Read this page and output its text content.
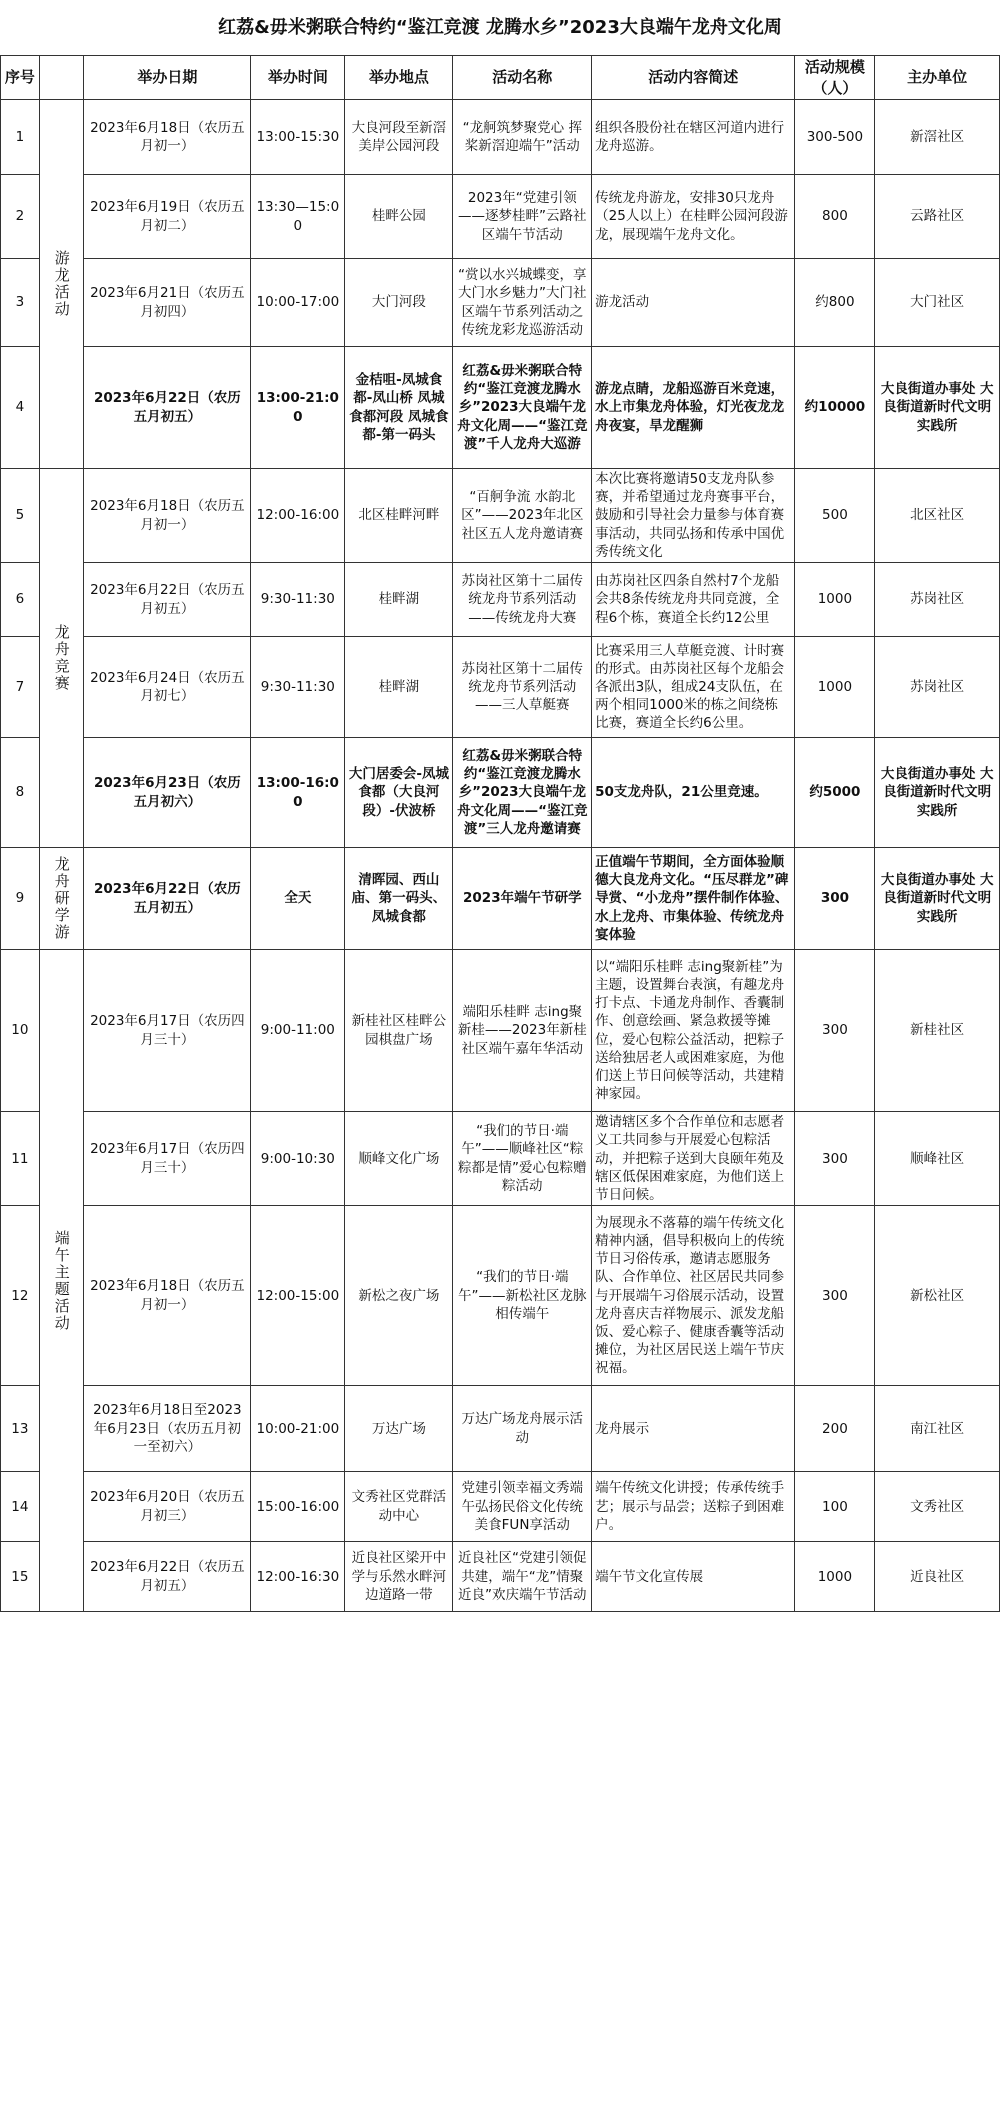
红荔&毋米粥联合特约“鉴江竞渡 龙腾水乡”2023大良端午龙舟文化周
序号		举办日期	举办时间	举办地点	活动名称	活动内容简述	活动规模（人）	主办单位
1	游龙活动	2023年6月18日（农历五月初一）	13:00-15:30	大良河段至新滘美岸公园河段	“龙舸筑梦聚党心 挥桨新滘迎端午”活动	组织各股份社在辖区河道内进行龙舟巡游。	300-500	新滘社区
2		2023年6月19日（农历五月初二）	13:30—15:00	桂畔公园	2023年“党建引领——逐梦桂畔”云路社区端午节活动	传统龙舟游龙，安排30只龙舟（25人以上）在桂畔公园河段游龙，展现端午龙舟文化。	800	云路社区
3		2023年6月21日（农历五月初四）	10:00-17:00	大门河段	“赏以水兴城蝶变，享大门水乡魅力”大门社区端午节系列活动之传统龙彩龙巡游活动	游龙活动	约800	大门社区
4		2023年6月22日（农历五月初五）	13:00-21:00	金桔咀-凤城食都-凤山桥 凤城食都河段 凤城食都-第一码头	红荔&毋米粥联合特约“鉴江竞渡龙腾水乡”2023大良端午龙舟文化周——“鉴江竞渡”千人龙舟大巡游	游龙点睛，龙船巡游百米竞速，水上市集龙舟体验，灯光夜龙龙舟夜宴，旱龙醒狮	约10000	大良街道办事处 大良街道新时代文明实践所
5	龙舟竞赛	2023年6月18日（农历五月初一）	12:00-16:00	北区桂畔河畔	“百舸争流 水韵北区”——2023年北区社区五人龙舟邀请赛	本次比赛将邀请50支龙舟队参赛，并希望通过龙舟赛事平台，鼓励和引导社会力量参与体育赛事活动，共同弘扬和传承中国优秀传统文化	500	北区社区
6		2023年6月22日（农历五月初五）	9:30-11:30	桂畔湖	苏岗社区第十二届传统龙舟节系列活动——传统龙舟大赛	由苏岗社区四条自然村7个龙船会共8条传统龙舟共同竞渡，全程6个栋，赛道全长约12公里	1000	苏岗社区
7		2023年6月24日（农历五月初七）	9:30-11:30	桂畔湖	苏岗社区第十二届传统龙舟节系列活动——三人草艇赛	比赛采用三人草艇竞渡、计时赛的形式。由苏岗社区每个龙船会各派出3队，组成24支队伍，在两个相同1000米的栋之间绕栋比赛，赛道全长约6公里。	1000	苏岗社区
8		2023年6月23日（农历五月初六）	13:00-16:00	大门居委会-凤城食都（大良河段）-伏波桥	红荔&毋米粥联合特约“鉴江竞渡龙腾水乡”2023大良端午龙舟文化周——“鉴江竞渡”三人龙舟邀请赛	50支龙舟队，21公里竞速。	约5000	大良街道办事处 大良街道新时代文明实践所
9	龙舟研学游	2023年6月22日（农历五月初五）	全天	清晖园、西山庙、第一码头、凤城食都	2023年端午节研学	正值端午节期间，全方面体验顺德大良龙舟文化。“压尽群龙”碑导赏、“小龙舟”摆件制作体验、水上龙舟、市集体验、传统龙舟宴体验	300	大良街道办事处 大良街道新时代文明实践所
10	端午主题活动	2023年6月17日（农历四月三十）	9:00-11:00	新桂社区桂畔公园棋盘广场	端阳乐桂畔 志ing聚新桂——2023年新桂社区端午嘉年华活动	以“端阳乐桂畔 志ing聚新桂”为主题，设置舞台表演，有趣龙舟打卡点、卡通龙舟制作、香囊制作、创意绘画、紧急救援等摊位，爱心包粽公益活动，把粽子送给独居老人或困难家庭，为他们送上节日问候等活动，共建精神家园。	300	新桂社区
11		2023年6月17日（农历四月三十）	9:00-10:30	顺峰文化广场	“我们的节日·端午”——顺峰社区“粽粽都是情”爱心包粽赠粽活动	邀请辖区多个合作单位和志愿者义工共同参与开展爱心包粽活动，并把粽子送到大良颐年苑及辖区低保困难家庭，为他们送上节日问候。	300	顺峰社区
12		2023年6月18日（农历五月初一）	12:00-15:00	新松之夜广场	“我们的节日·端午”——新松社区龙脉相传端午	为展现永不落幕的端午传统文化精神内涵，倡导积极向上的传统节日习俗传承，邀请志愿服务队、合作单位、社区居民共同参与开展端午习俗展示活动，设置龙舟喜庆吉祥物展示、派发龙船饭、爱心粽子、健康香囊等活动摊位，为社区居民送上端午节庆祝福。	300	新松社区
13		2023年6月18日至2023年6月23日（农历五月初一至初六）	10:00-21:00	万达广场	万达广场龙舟展示活动	龙舟展示	200	南江社区
14		2023年6月20日（农历五月初三）	15:00-16:00	文秀社区党群活动中心	党建引领幸福文秀端午弘扬民俗文化传统美食FUN享活动	端午传统文化讲授；传承传统手艺；展示与品尝；送粽子到困难户。	100	文秀社区
15		2023年6月22日（农历五月初五）	12:00-16:30	近良社区梁开中学与乐然水畔河边道路一带	近良社区“党建引领促共建，端午“龙”情聚近良”欢庆端午节活动	端午节文化宣传展	1000	近良社区
